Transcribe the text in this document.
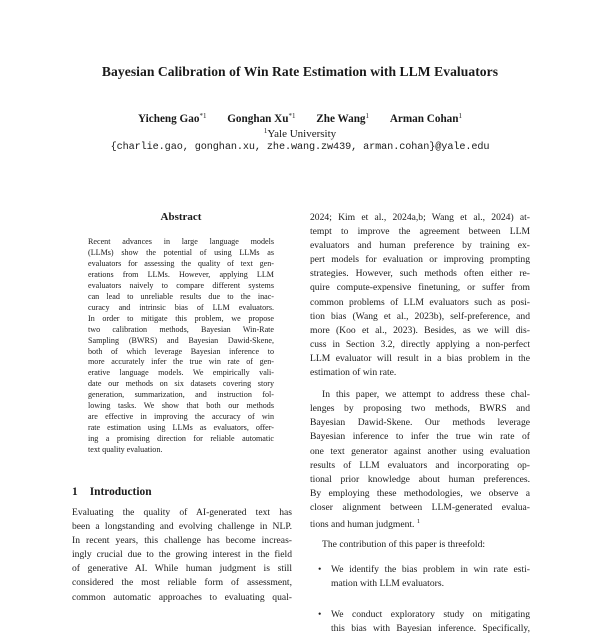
Bayesian Calibration of Win Rate Estimation with LLM Evaluators
Yicheng Gao$^{*1}$ Gonghan Xu$^{*1}$ Zhe Wang$^1$ Arman Cohan$^1$
$^1$Yale University
{charlie.gao, gonghan.xu, zhe.wang.zw439, arman.cohan}@yale.edu
Abstract

Recent advances in large language models
(LLMs) show the potential of using LLMs as
evaluators for assessing the quality of text gen-
erations from LLMs. However, applying LLM
evaluators naively to compare different systems
can lead to unreliable results due to the inac-
curacy and intrinsic bias of LLM evaluators.
In order to mitigate this problem, we propose
two calibration methods, Bayesian Win-Rate
Sampling (BWRS) and Bayesian Dawid-Skene,
both of which leverage Bayesian inference to
more accurately infer the true win rate of gen-
erative language models. We empirically vali-
date our methods on six datasets covering story
generation, summarization, and instruction fol-
lowing tasks. We show that both our methods
are effective in improving the accuracy of win
rate estimation using LLMs as evaluators, offer-
ing a promising direction for reliable automatic
text quality evaluation.

1 Introduction

Evaluating the quality of AI-generated text has
been a longstanding and evolving challenge in NLP.
In recent years, this challenge has become increas-
ingly crucial due to the growing interest in the field
of generative AI. While human judgment is still
considered the most reliable form of assessment,
common automatic approaches to evaluating qual-

2024; Kim et al., 2024a,b; Wang et al., 2024) at-
tempt to improve the agreement between LLM
evaluators and human preference by training ex-
pert models for evaluation or improving prompting
strategies. However, such methods often either re-
quire compute-expensive finetuning, or suffer from
common problems of LLM evaluators such as posi-
tion bias (Wang et al., 2023b), self-preference, and
more (Koo et al., 2023). Besides, as we will dis-
cuss in Section 3.2, directly applying a non-perfect
LLM evaluator will result in a bias problem in the
estimation of win rate.

In this paper, we attempt to address these chal-
lenges by proposing two methods, BWRS and
Bayesian Dawid-Skene. Our methods leverage
Bayesian inference to infer the true win rate of
one text generator against another using evaluation
results of LLM evaluators and incorporating op-
tional prior knowledge about human preferences.
By employing these methodologies, we observe a
closer alignment between LLM-generated evalua-
tions and human judgment. $^1$

The contribution of this paper is threefold:

• We identify the bias problem in win rate esti-
mation with LLM evaluators.
• We conduct exploratory study on mitigating
this bias with Bayesian inference. Specifically,
